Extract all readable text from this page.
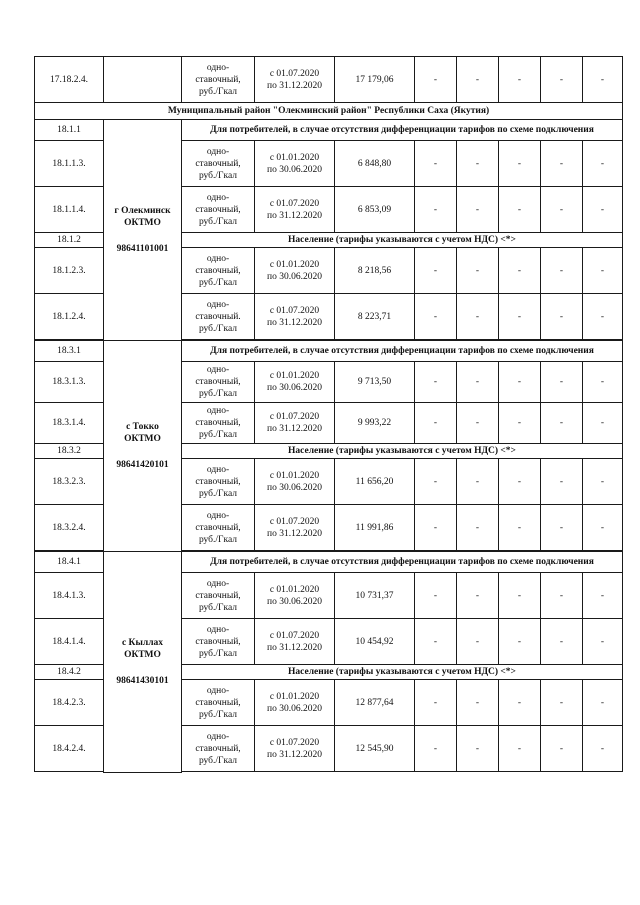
17.18.2.4.		одно-
ставочный,
руб./Гкал	с 01.07.2020
по 31.12.2020	17 179,06	-	-	-	-	-
Муниципальный район "Олекминский район" Республики Саха (Якутия)									
18.1.1	г Олекминск
ОКТМО
98641101001	Для потребителей, в случае отсутствия дифференциации тарифов по схеме подключения							
18.1.1.3.		одно-
ставочный,
руб./Гкал	с 01.01.2020
по 30.06.2020	6 848,80	-	-	-	-	-
18.1.1.4.		одно-
ставочный,
руб./Гкал	с 01.07.2020
по 31.12.2020	6 853,09	-	-	-	-	-
18.1.2		Население (тарифы указываются с учетом НДС) <*>							
18.1.2.3.		одно-
ставочный,
руб./Гкал	с 01.01.2020
по 30.06.2020	8 218,56	-	-	-	-	-
18.1.2.4.		одно-
ставочный.
руб./Гкал	с 01.07.2020
по 31.12.2020	8 223,71	-	-	-	-	-

18.3.1	с Токко
ОКТМО
98641420101	Для потребителей, в случае отсутствия дифференциации тарифов по схеме подключения							
18.3.1.3.		одно-
ставочный,
руб./Гкал	с 01.01.2020
по 30.06.2020	9 713,50	-	-	-	-	-
18.3.1.4.		одно-
ставочный,
руб./Гкал	с 01.07.2020
по 31.12.2020	9 993,22	-	-	-	-	-
18.3.2		Население (тарифы указываются с учетом НДС) <*>							
18.3.2.3.		одно-
ставочный,
руб./Гкал	с 01.01.2020
по 30.06.2020	11 656,20	-	-	-	-	-
18.3.2.4.		одно-
ставочный,
руб./Гкал	с 01.07.2020
по 31.12.2020	11 991,86	-	-	-	-	-

18.4.1	с Кыллах
ОКТМО
98641430101	Для потребителей, в случае отсутствия дифференциации тарифов по схеме подключения							
18.4.1.3.		одно-
ставочный,
руб./Гкал	с 01.01.2020
по 30.06.2020	10 731,37	-	-	-	-	-
18.4.1.4.		одно-
ставочный,
руб./Гкал	с 01.07.2020
по 31.12.2020	10 454,92	-	-	-	-	-
18.4.2		Население (тарифы указываются с учетом НДС) <*>							
18.4.2.3.		одно-
ставочный,
руб./Гкал	с 01.01.2020
по 30.06.2020	12 877,64	-	-	-	-	-
18.4.2.4.		одно-
ставочный,
руб./Гкал	с 01.07.2020
по 31.12.2020	12 545,90	-	-	-	-	-
